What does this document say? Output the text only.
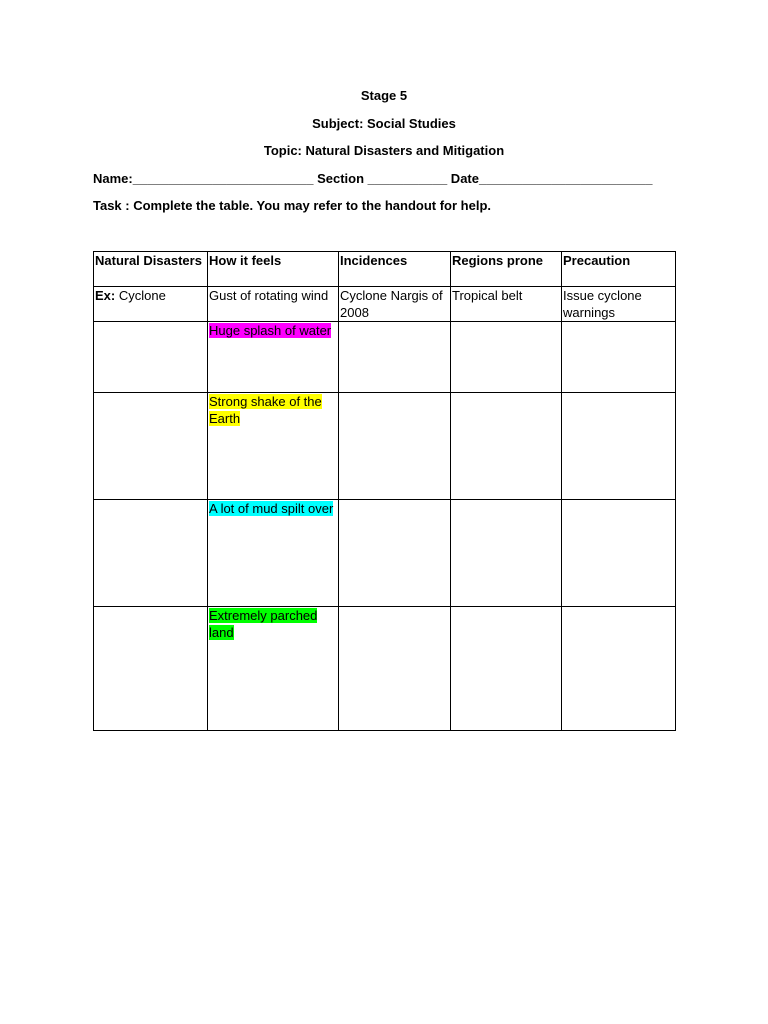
Stage 5
Subject: Social Studies
Topic: Natural Disasters and Mitigation
Name:_________________________ Section ___________ Date________________________
Task : Complete the table. You may refer to the handout for help.
Natural Disasters	How it feels	Incidences	Regions prone	Precaution
Ex: Cyclone	Gust of rotating wind	Cyclone Nargis of 2008	Tropical belt	Issue cyclone warnings
	Huge splash of water			
	Strong shake of the Earth			
	A lot of mud spilt over			
	Extremely parched land			
